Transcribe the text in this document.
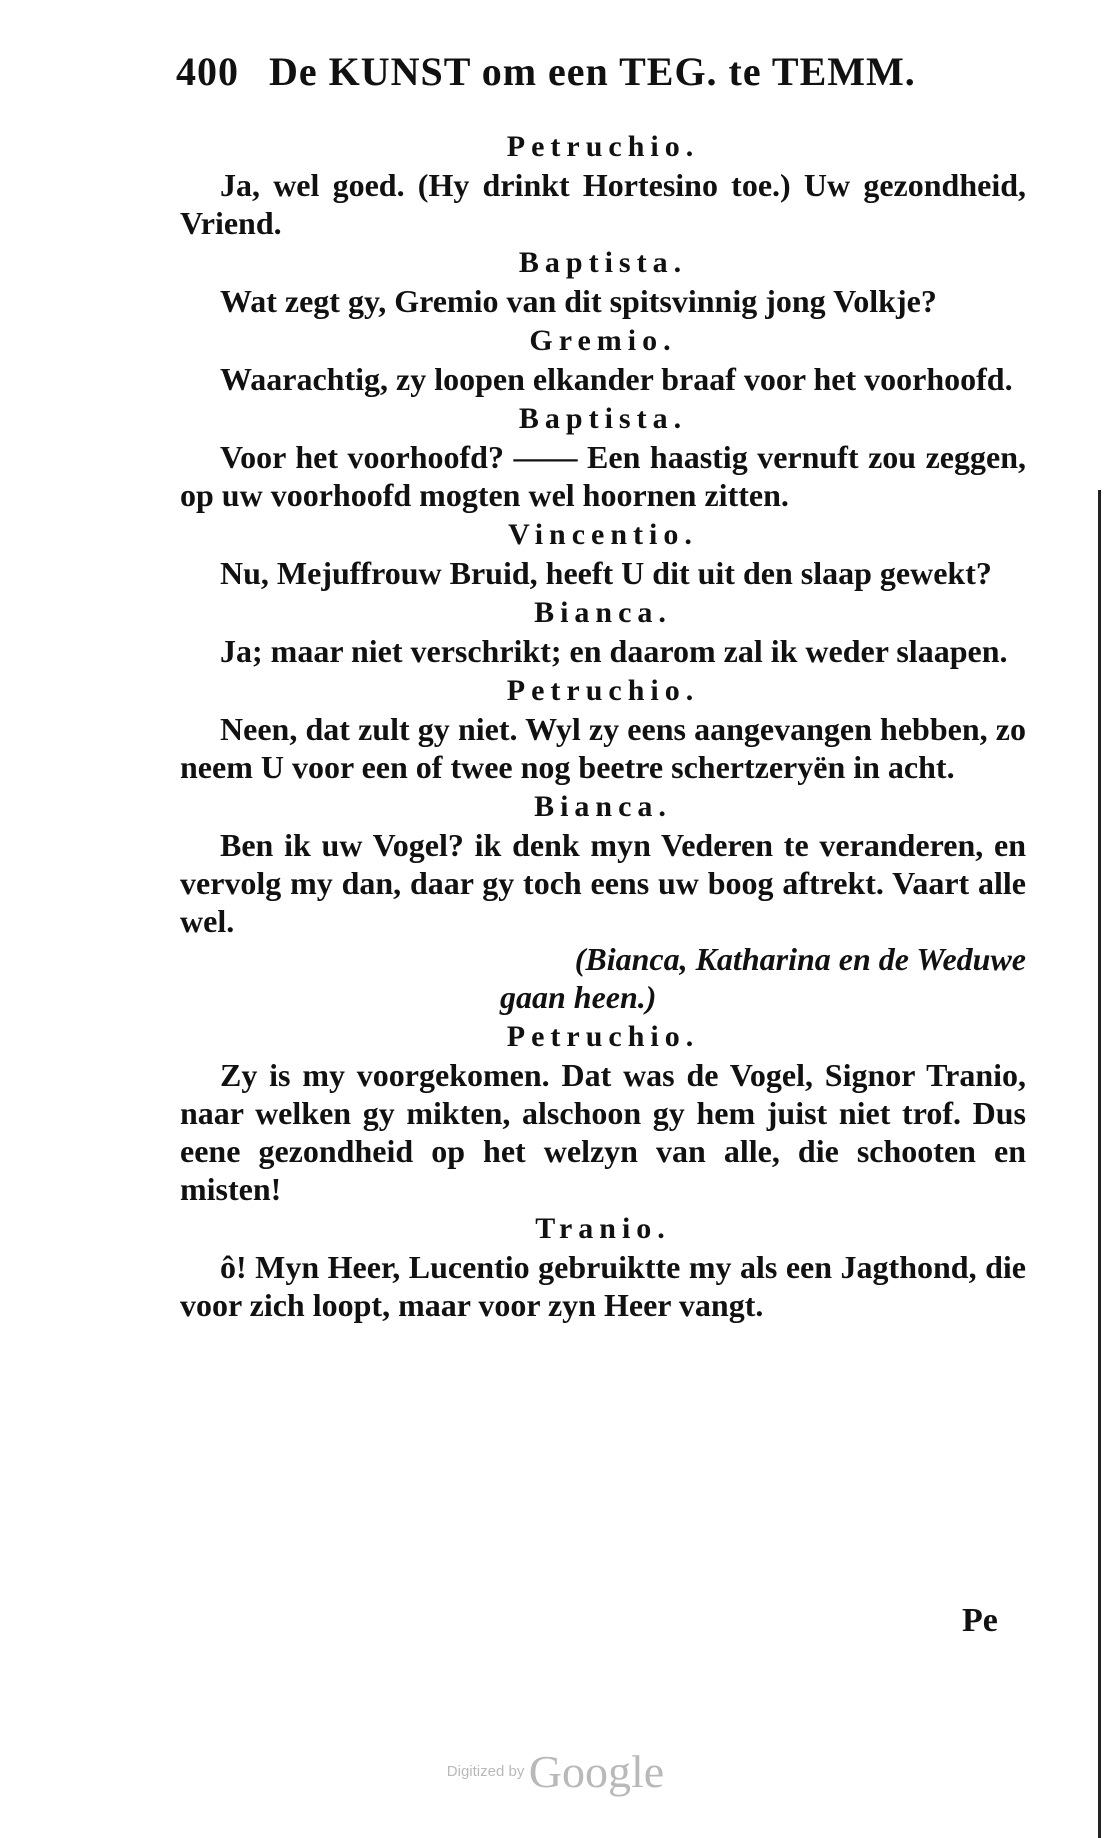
400 De KUNST om een TEG. te TEMM.
Petruchio.
Ja, wel goed. (Hy drinkt Hortesino toe.) Uw gezondheid, Vriend.
Baptista.
Wat zegt gy, Gremio van dit spitsvinnig jong Volkje?
Gremio.
Waarachtig, zy loopen elkander braaf voor het voorhoofd.
Baptista.
Voor het voorhoofd? —— Een haastig vernuft zou zeggen, op uw voorhoofd mogten wel hoornen zitten.
Vincentio.
Nu, Mejuffrouw Bruid, heeft U dit uit den slaap gewekt?
Bianca.
Ja; maar niet verschrikt; en daarom zal ik weder slaapen.
Petruchio.
Neen, dat zult gy niet. Wyl zy eens aangevangen hebben, zo neem U voor een of twee nog beetre schertzeryën in acht.
Bianca.
Ben ik uw Vogel? ik denk myn Vederen te veranderen, en vervolg my dan, daar gy toch eens uw boog aftrekt. Vaart alle wel.
(Bianca, Katharina en de Weduwe
gaan heen.)
Petruchio.
Zy is my voorgekomen. Dat was de Vogel, Signor Tranio, naar welken gy mikten, alschoon gy hem juist niet trof. Dus eene gezondheid op het welzyn van alle, die schooten en misten!
Tranio.
ô! Myn Heer, Lucentio gebruiktte my als een Jagthond, die voor zich loopt, maar voor zyn Heer vangt.
Pe
Digitized by Google
